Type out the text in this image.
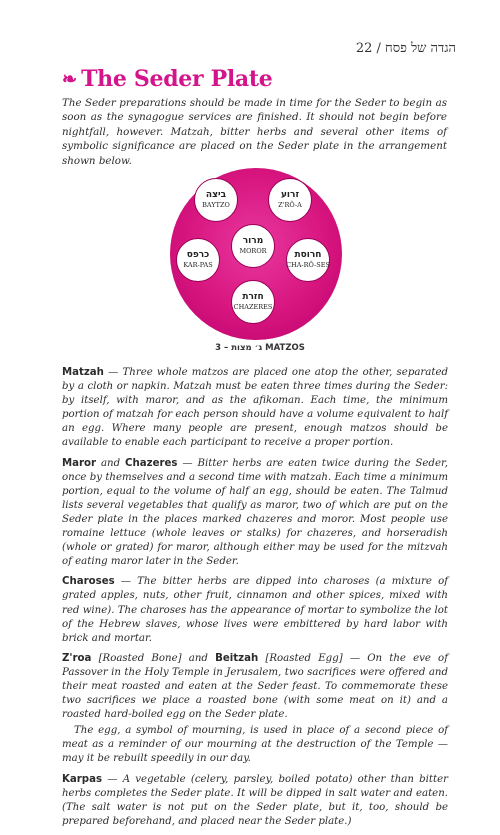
22 / הגדה של פסח
❧ The Seder Plate
The Seder preparations should be made in time for the Seder to begin as soon as the synagogue services are finished. It should not begin before nightfall, however. Matzah, bitter herbs and several other items of symbolic significance are placed on the Seder plate in the arrangement shown below.
ביצה
BAYTZO
זרוע
Z'RÔ-A
מרור
MOROR
כרפס
KAR-PAS
חרוסת
CHA-RÔ-SES
חזרת
CHAZERES
ג׳ מצות – 3 MATZOS

Matzah — Three whole matzos are placed one atop the other, separated by a cloth or napkin. Matzah must be eaten three times during the Seder: by itself, with maror, and as the afikoman. Each time, the minimum portion of matzah for each person should have a volume equivalent to half an egg. Where many people are present, enough matzos should be available to enable each participant to receive a proper portion.

Maror and Chazeres — Bitter herbs are eaten twice during the Seder, once by themselves and a second time with matzah. Each time a minimum portion, equal to the volume of half an egg, should be eaten. The Talmud lists several vegetables that qualify as maror, two of which are put on the Seder plate in the places marked chazeres and moror. Most people use romaine lettuce (whole leaves or stalks) for chazeres, and horseradish (whole or grated) for maror, although either may be used for the mitzvah of eating maror later in the Seder.

Charoses — The bitter herbs are dipped into charoses (a mixture of grated apples, nuts, other fruit, cinnamon and other spices, mixed with red wine). The charoses has the appearance of mortar to symbolize the lot of the Hebrew slaves, whose lives were embittered by hard labor with brick and mortar.

Z'roa [Roasted Bone] and Beitzah [Roasted Egg] — On the eve of Passover in the Holy Temple in Jerusalem, two sacrifices were offered and their meat roasted and eaten at the Seder feast. To commemorate these two sacrifices we place a roasted bone (with some meat on it) and a roasted hard-boiled egg on the Seder plate.

The egg, a symbol of mourning, is used in place of a second piece of meat as a reminder of our mourning at the destruction of the Temple — may it be rebuilt speedily in our day.

Karpas — A vegetable (celery, parsley, boiled potato) other than bitter herbs completes the Seder plate. It will be dipped in salt water and eaten. (The salt water is not put on the Seder plate, but it, too, should be prepared beforehand, and placed near the Seder plate.)
